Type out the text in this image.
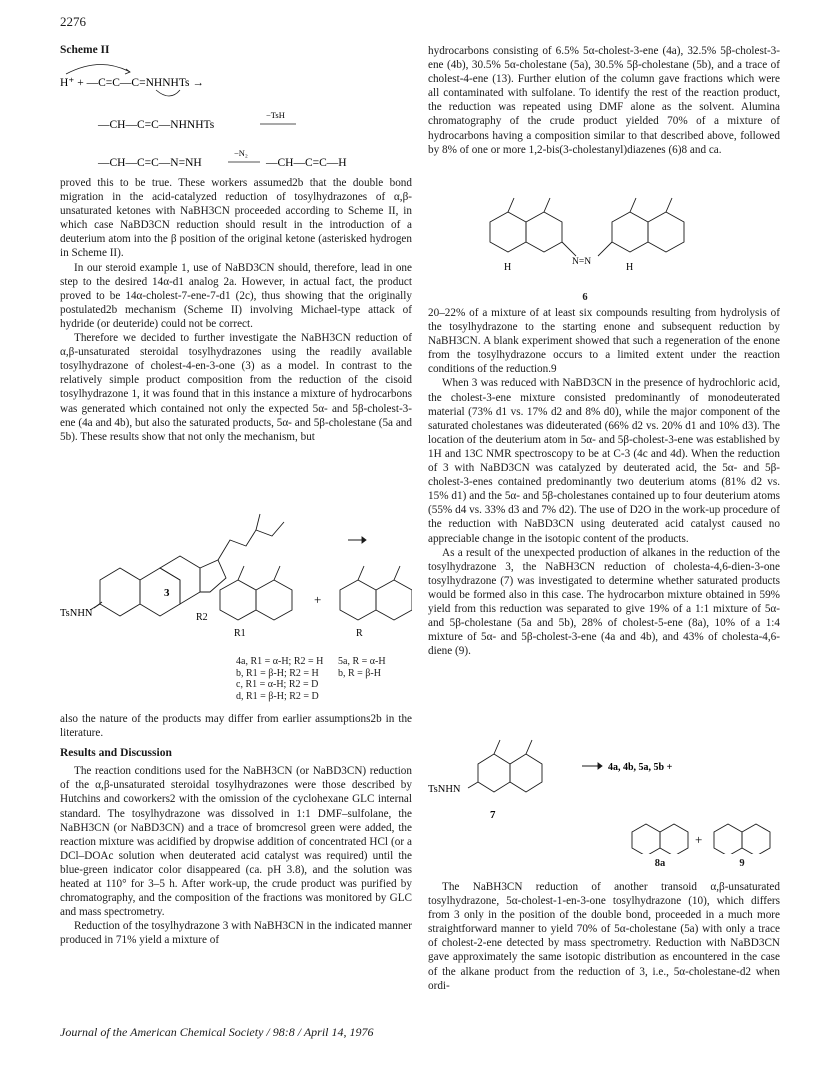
2276
Scheme II
H⁺ + —C=C—C=NHNHTs →
—CH—C=C—NHNHTs
−TsH
—CH—C=C—N=NH
−N₂
—CH—C=C—H

proved this to be true. These workers assumed2b that the double bond migration in the acid-catalyzed reduction of tosylhydrazones of α,β-unsaturated ketones with NaBH3CN proceeded according to Scheme II, in which case NaBD3CN reduction should result in the introduction of a deuterium atom into the β position of the original ketone (asterisked hydrogen in Scheme II).

In our steroid example 1, use of NaBD3CN should, therefore, lead in one step to the desired 14α-d1 analog 2a. However, in actual fact, the product proved to be 14α-cholest-7-ene-7-d1 (2c), thus showing that the originally postulated2b mechanism (Scheme II) involving Michael-type attack of hydride (or deuteride) could not be correct.

Therefore we decided to further investigate the NaBH3CN reduction of α,β-unsaturated steroidal tosylhydrazones using the readily available tosylhydrazone of cholest-4-en-3-one (3) as a model. In contrast to the relatively simple product composition from the reduction of the cisoid tosylhydrazone 1, it was found that in this instance a mixture of hydrocarbons was generated which contained not only the expected 5α- and 5β-cholest-3-ene (4a and 4b), but also the saturated products, 5α- and 5β-cholestane (5a and 5b). These results show that not only the mechanism, but

TsNHN
3	+
R2
R1	R
4a, R1 = α-H; R2 = H
b, R1 = β-H; R2 = H
c, R1 = α-H; R2 = D
d, R1 = β-H; R2 = D
5a, R = α-H
b, R = β-H

also the nature of the products may differ from earlier assumptions2b in the literature.

Results and Discussion

The reaction conditions used for the NaBH3CN (or NaBD3CN) reduction of the α,β-unsaturated steroidal tosylhydrazones were those described by Hutchins and coworkers2 with the omission of the cyclohexane GLC internal standard. The tosylhydrazone was dissolved in 1:1 DMF–sulfolane, the NaBH3CN (or NaBD3CN) and a trace of bromcresol green were added, the reaction mixture was acidified by dropwise addition of concentrated HCl (or a DCl–DOAc solution when deuterated acid catalyst was required) until the blue-green indicator color disappeared (ca. pH 3.8), and the solution was heated at 110° for 3–5 h. After work-up, the crude product was purified by chromatography, and the composition of the fractions was monitored by GLC and mass spectrometry.

Reduction of the tosylhydrazone 3 with NaBH3CN in the indicated manner produced in 71% yield a mixture of

hydrocarbons consisting of 6.5% 5α-cholest-3-ene (4a), 32.5% 5β-cholest-3-ene (4b), 30.5% 5α-cholestane (5a), 30.5% 5β-cholestane (5b), and a trace of cholest-4-ene (13). Further elution of the column gave fractions which were all contaminated with sulfolane. To identify the rest of the reaction product, the reduction was repeated using DMF alone as the solvent. Alumina chromatography of the crude product yielded 70% of a mixture of hydrocarbons having a composition similar to that described above, followed by 8% of one or more 1,2-bis(3-cholestanyl)diazenes (6)8 and ca.

N=N
H	H
6

20–22% of a mixture of at least six compounds resulting from hydrolysis of the tosylhydrazone to the starting enone and subsequent reduction by NaBH3CN. A blank experiment showed that such a regeneration of the enone from the tosylhydrazone occurs to a limited extent under the reaction conditions of the reduction.9

When 3 was reduced with NaBD3CN in the presence of hydrochloric acid, the cholest-3-ene mixture consisted predominantly of monodeuterated material (73% d1 vs. 17% d2 and 8% d0), while the major component of the saturated cholestanes was dideuterated (66% d2 vs. 20% d1 and 10% d3). The location of the deuterium atom in 5α- and 5β-cholest-3-ene was established by 1H and 13C NMR spectroscopy to be at C-3 (4c and 4d). When the reduction of 3 with NaBD3CN was catalyzed by deuterated acid, the 5α- and 5β-cholest-3-enes contained predominantly two deuterium atoms (81% d2 vs. 15% d1) and the 5α- and 5β-cholestanes contained up to four deuterium atoms (55% d4 vs. 33% d3 and 7% d2). The use of D2O in the work-up procedure of the reduction with NaBD3CN using deuterated acid catalyst caused no appreciable change in the isotopic content of the products.

As a result of the unexpected production of alkanes in the reduction of the tosylhydrazone 3, the NaBH3CN reduction of cholesta-4,6-dien-3-one tosylhydrazone (7) was investigated to determine whether saturated products would be formed also in this case. The hydrocarbon mixture obtained in 59% yield from this reduction was separated to give 19% of a 1:1 mixture of 5α- and 5β-cholestane (5a and 5b), 28% of cholest-5-ene (8a), 10% of a 1:4 mixture of 5α- and 5β-cholest-3-ene (4a and 4b), and 43% of cholesta-4,6-diene (9).

TsNHN
4a, 4b, 5a, 5b +
7
+
8a	9

The NaBH3CN reduction of another transoid α,β-unsaturated tosylhydrazone, 5α-cholest-1-en-3-one tosylhydrazone (10), which differs from 3 only in the position of the double bond, proceeded in a much more straightforward manner to yield 70% of 5α-cholestane (5a) with only a trace of cholest-2-ene detected by mass spectrometry. Reduction with NaBD3CN gave approximately the same isotopic distribution as encountered in the case of the alkane product from the reduction of 3, i.e., 5α-cholestane-d2 when ordi-

Journal of the American Chemical Society / 98:8 / April 14, 1976
